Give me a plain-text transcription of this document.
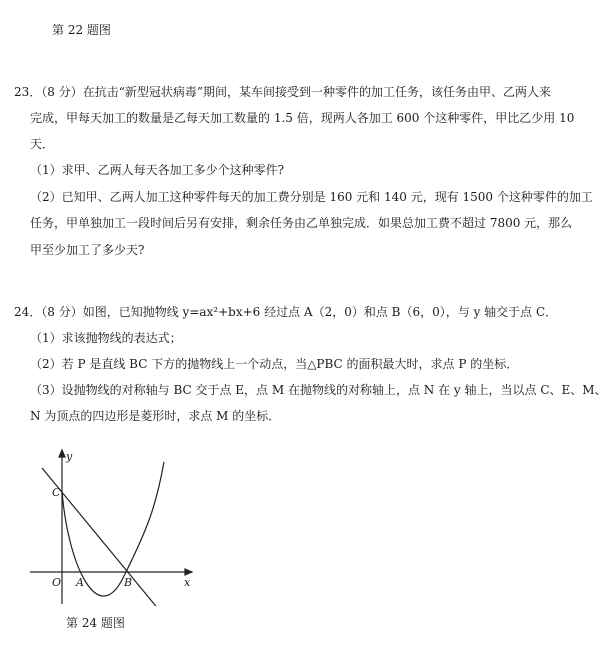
第 22 题图
23．（8 分）在抗击“新型冠状病毒”期间，某车间接受到一种零件的加工任务，该任务由甲、乙两人来
完成，甲每天加工的数量是乙每天加工数量的 1.5 倍，现两人各加工 600 个这种零件，甲比乙少用 10
天．
（1）求甲、乙两人每天各加工多少个这种零件?
（2）已知甲、乙两人加工这种零件每天的加工费分别是 160 元和 140 元，现有 1500 个这种零件的加工
任务，甲单独加工一段时间后另有安排，剩余任务由乙单独完成．如果总加工费不超过 7800 元，那么
甲至少加工了多少天?
24．（8 分）如图，已知抛物线 y=ax²+bx+6 经过点 A（2，0）和点 B（6，0），与 y 轴交于点 C．
（1）求该抛物线的表达式；
（2）若 P 是直线 BC 下方的抛物线上一个动点，当△PBC 的面积最大时，求点 P 的坐标．
（3）设抛物线的对称轴与 BC 交于点 E，点 M 在抛物线的对称轴上，点 N 在 y 轴上，当以点 C、E、M、
N 为顶点的四边形是菱形时，求点 M 的坐标．
y
C
O A	B	x
第 24 题图
